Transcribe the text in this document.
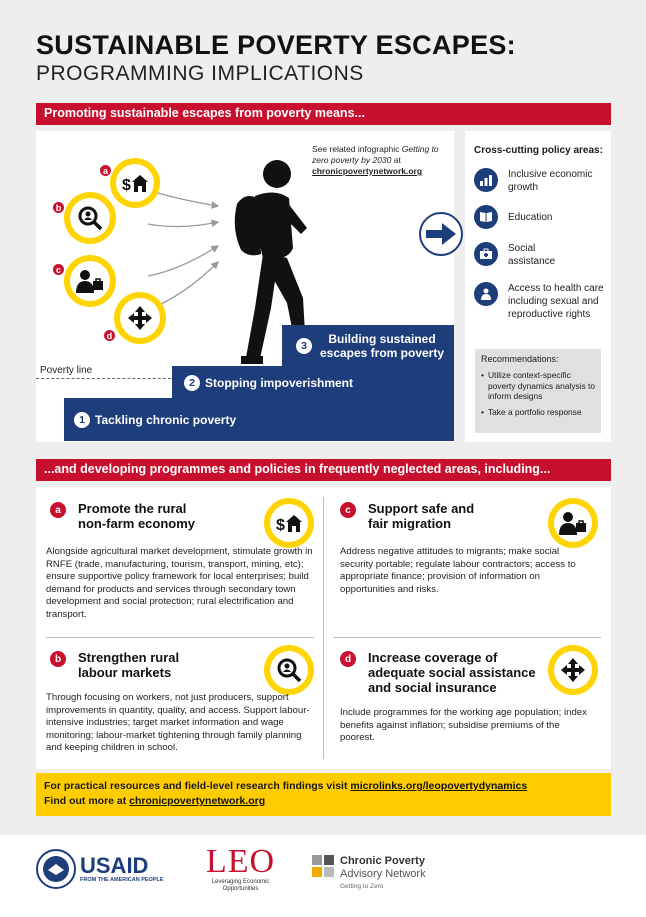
SUSTAINABLE POVERTY ESCAPES:
PROGRAMMING IMPLICATIONS
Promoting sustainable escapes from poverty means...
See related infographic Getting to zero poverty by 2030 at
chronicpovertynetwork.org
$
a
b
c
d
Poverty line
1 Tackling chronic poverty
2 Stopping impoverishment
3	Building sustained escapes from poverty
Cross-cutting policy areas:
Inclusive economic growth
Education
Social assistance
Access to health care including sexual and reproductive rights
Recommendations:
• Utilize context-specific poverty dynamics analysis to inform designs
• Take a portfolio response
...and developing programmes and policies in frequently neglected areas, including...
a	Promote the rural non-farm economy	$
Alongside agricultural market development, stimulate growth in RNFE (trade, manufacturing, tourism, transport, mining, etc); ensure supportive policy framework for local enterprises; build demand for products and services through secondary town development and social protection; rural electrification and transport.
c	Support safe and fair migration
Address negative attitudes to migrants; make social security portable; regulate labour contractors; access to appropriate finance; provision of information on opportunities and risks.
b	Strengthen rural labour markets
Through focusing on workers, not just producers, support improvements in quantity, quality, and access. Support labour-intensive industries; target market information and wage monitoring; labour-market tightening through family planning and keeping children in school.
d	Increase coverage of adequate social assistance and social insurance
Include programmes for the working age population; index benefits against inflation; subsidise premiums of the poorest.
For practical resources and field-level research findings visit microlinks.org/leopovertydynamics
Find out more at chronicpovertynetwork.org
USAID
FROM THE AMERICAN PEOPLE LEO
Leveraging Economic
Opportunities
Chronic Poverty
Advisory Network
Getting to Zero
